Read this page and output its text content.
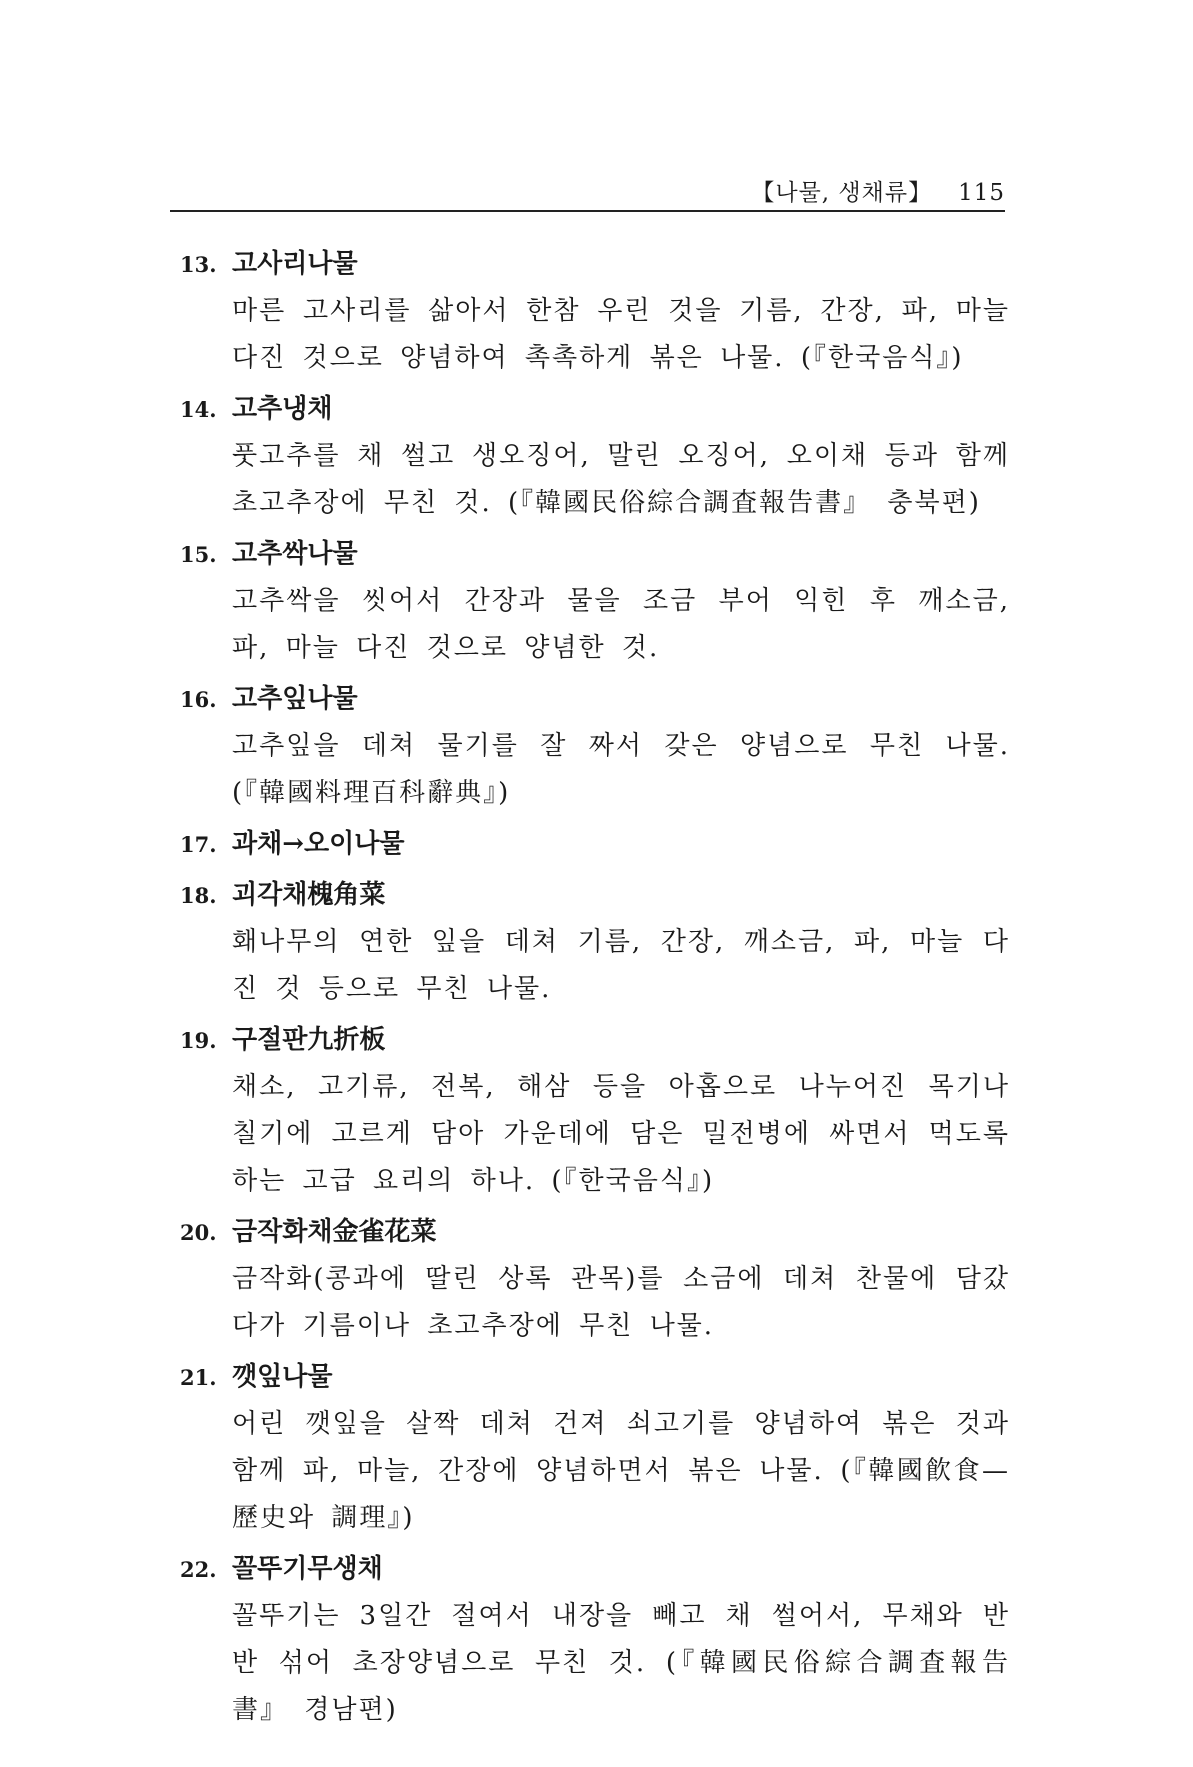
【나물, 생채류】 115
13. 고사리나물

마른 고사리를 삶아서 한참 우린 것을 기름, 간장, 파, 마늘 다진 것으로 양념하여 촉촉하게 볶은 나물. (『한국음식』)

14. 고추냉채

풋고추를 채 썰고 생오징어, 말린 오징어, 오이채 등과 함께 초고추장에 무친 것. (『韓國民俗綜合調査報告書』 충북편)

15. 고추싹나물

고추싹을 씻어서 간장과 물을 조금 부어 익힌 후 깨소금, 파, 마늘 다진 것으로 양념한 것.

16. 고추잎나물

고추잎을 데쳐 물기를 잘 짜서 갖은 양념으로 무친 나물. (『韓國料理百科辭典』)

17. 과채→오이나물
18. 괴각채槐角菜

홰나무의 연한 잎을 데쳐 기름, 간장, 깨소금, 파, 마늘 다진 것 등으로 무친 나물.

19. 구절판九折板

채소, 고기류, 전복, 해삼 등을 아홉으로 나누어진 목기나 칠기에 고르게 담아 가운데에 담은 밀전병에 싸면서 먹도록 하는 고급 요리의 하나. (『한국음식』)

20. 금작화채金雀花菜

금작화(콩과에 딸린 상록 관목)를 소금에 데쳐 찬물에 담갔다가 기름이나 초고추장에 무친 나물.

21. 깻잎나물

어린 깻잎을 살짝 데쳐 건져 쇠고기를 양념하여 볶은 것과 함께 파, 마늘, 간장에 양념하면서 볶은 나물. (『韓國飮食—歷史와 調理』)

22. 꼴뚜기무생채

꼴뚜기는 3일간 절여서 내장을 빼고 채 썰어서, 무채와 반반 섞어 초장양념으로 무친 것. (『韓國民俗綜合調査報告書』 경남편)
